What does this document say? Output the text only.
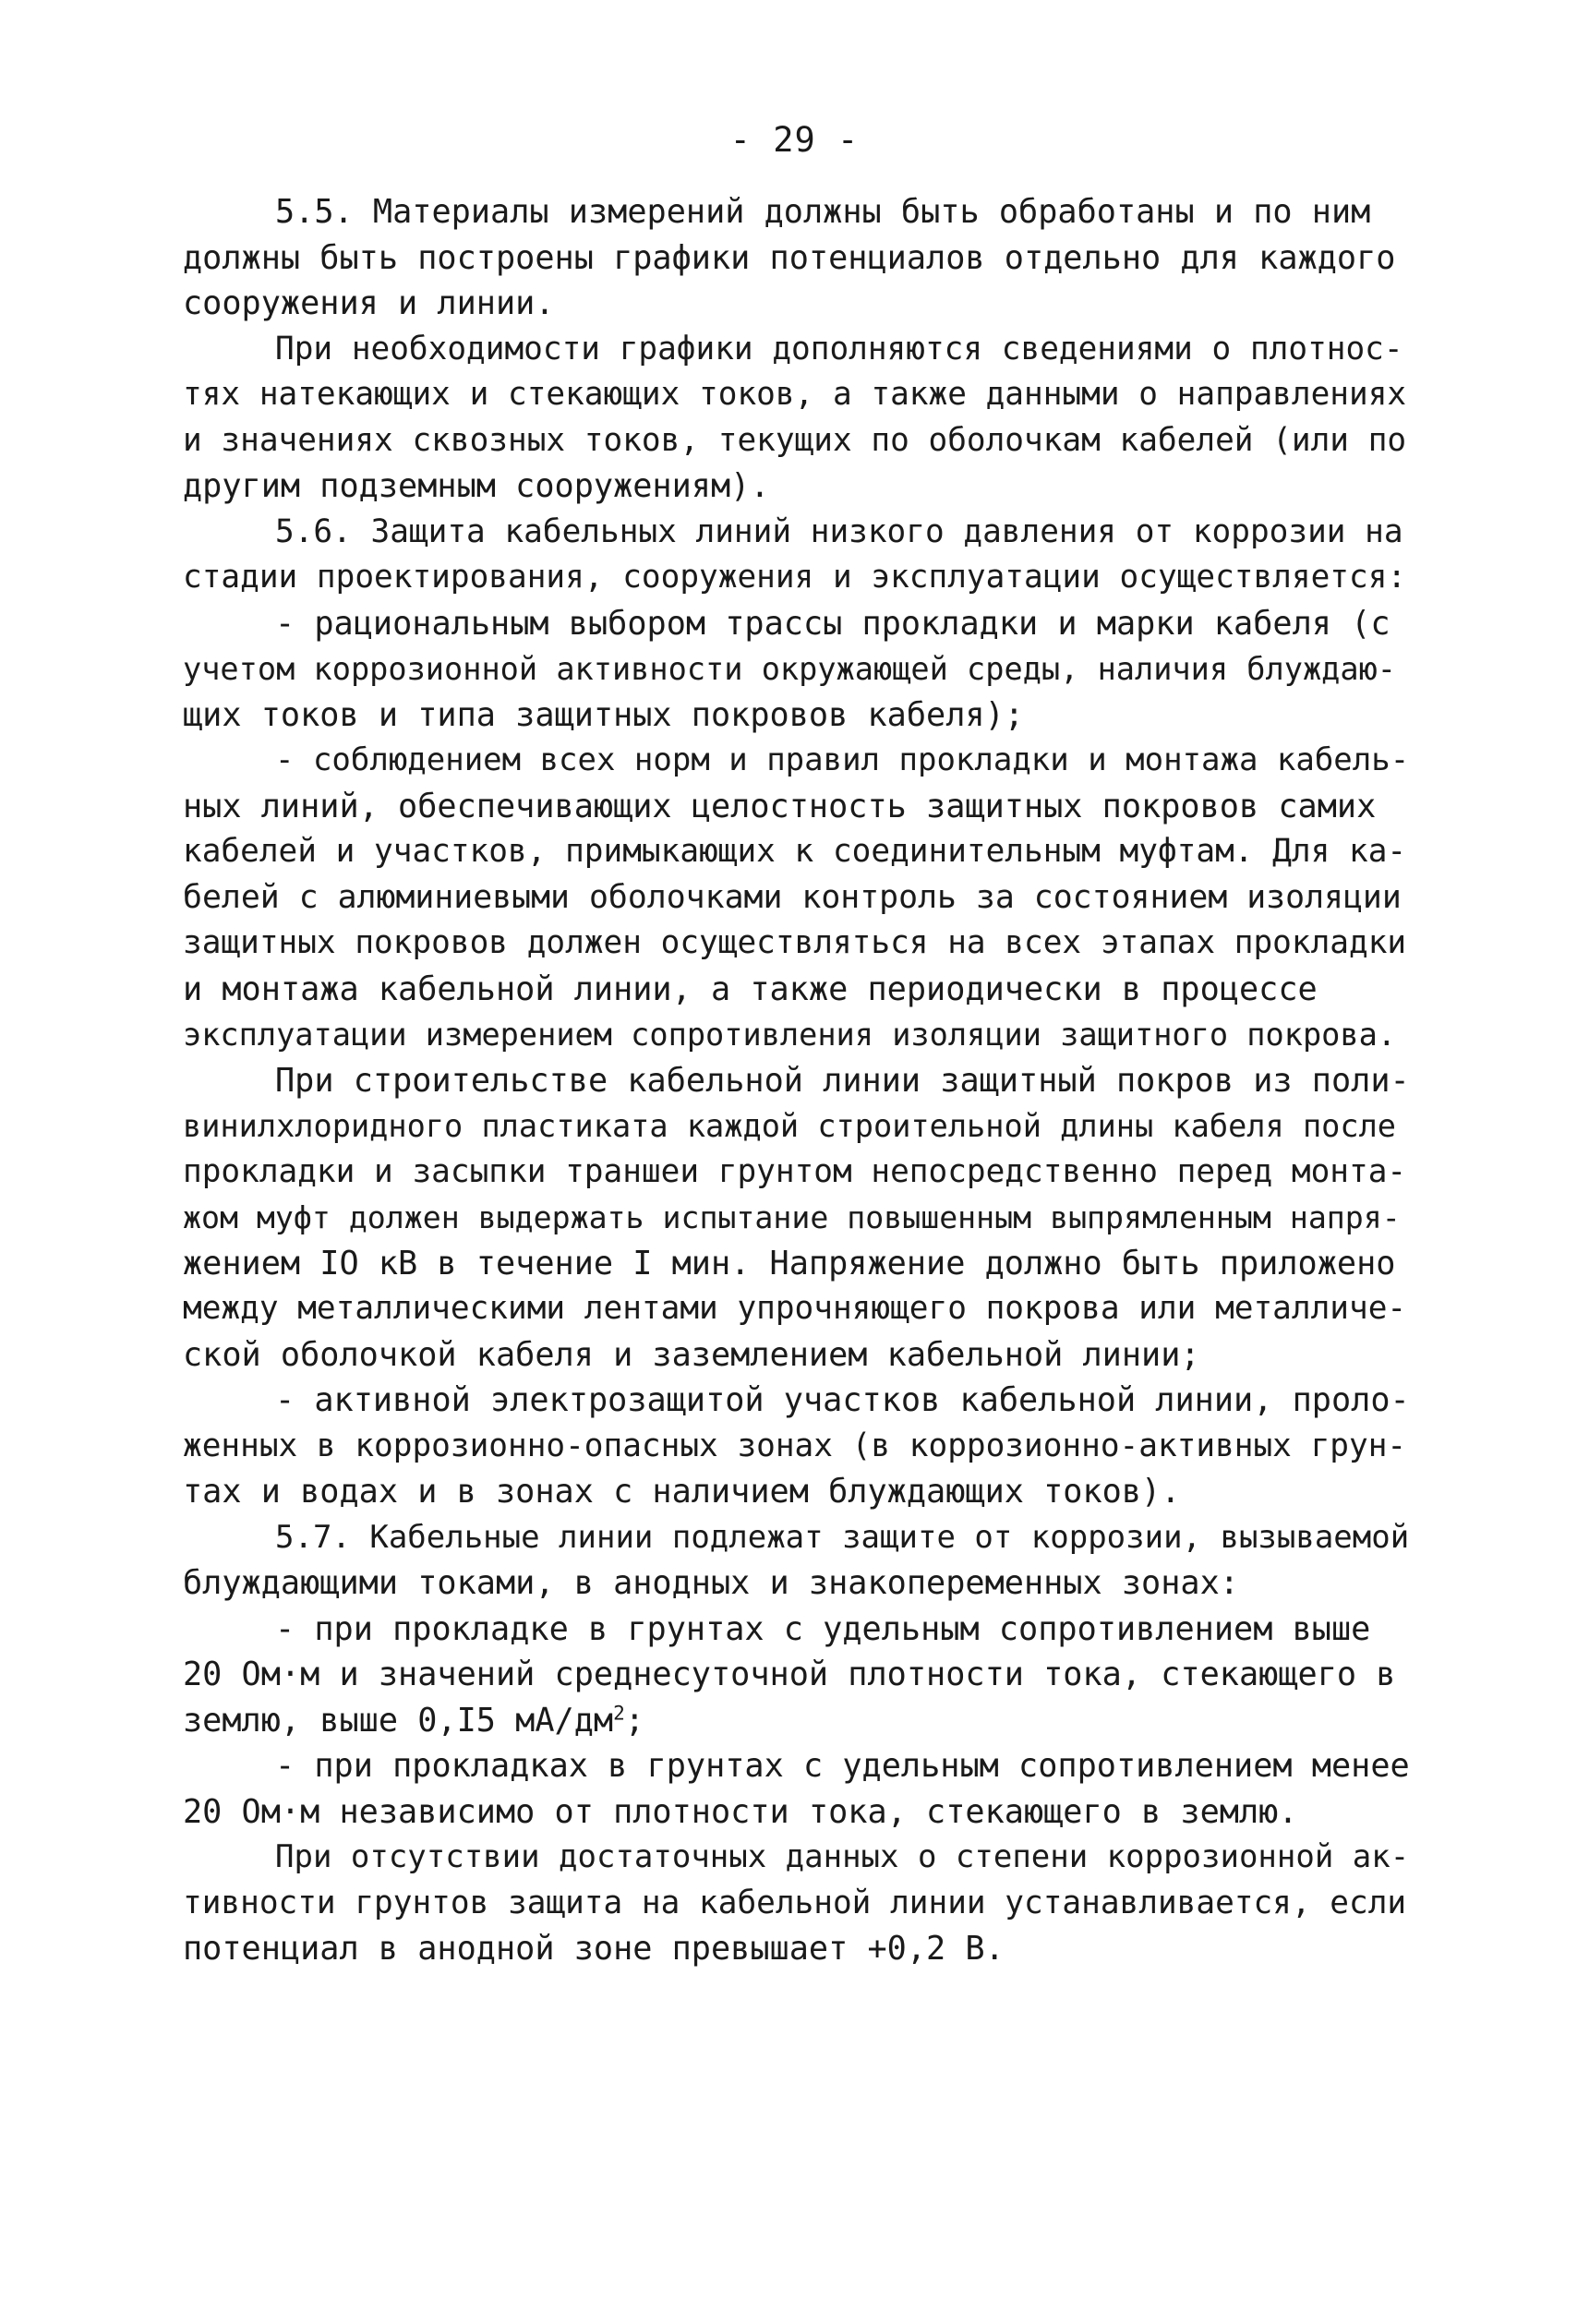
- 29 -
5.5. Материалы измерений должны быть обработаны и по ним
должны быть построены графики потенциалов отдельно для каждого
сооружения и линии.
При необходимости графики дополняются сведениями о плотнос-
тях натекающих и стекающих токов, а также данными о направлениях
и значениях сквозных токов, текущих по оболочкам кабелей (или по
другим подземным сооружениям).
5.6. Защита кабельных линий низкого давления от коррозии на
стадии проектирования, сооружения и эксплуатации осуществляется:
- рациональным выбором трассы прокладки и марки кабеля (с
учетом коррозионной активности окружающей среды, наличия блуждаю-
щих токов и типа защитных покровов кабеля);
- соблюдением всех норм и правил прокладки и монтажа кабель-
ных линий, обеспечивающих целостность защитных покровов самих
кабелей и участков, примыкающих к соединительным муфтам. Для ка-
белей с алюминиевыми оболочками контроль за состоянием изоляции
защитных покровов должен осуществляться на всех этапах прокладки
и монтажа кабельной линии, а также периодически в процессе
эксплуатации измерением сопротивления изоляции защитного покрова.
При строительстве кабельной линии защитный покров из поли-
винилхлоридного пластиката каждой строительной длины кабеля после
прокладки и засыпки траншеи грунтом непосредственно перед монта-
жом муфт должен выдержать испытание повышенным выпрямленным напря-
жением IO кВ в течение I мин. Напряжение должно быть приложено
между металлическими лентами упрочняющего покрова или металличе-
ской оболочкой кабеля и заземлением кабельной линии;
- активной электрозащитой участков кабельной линии, проло-
женных в коррозионно-опасных зонах (в коррозионно-активных грун-
тах и водах и в зонах с наличием блуждающих токов).
5.7. Кабельные линии подлежат защите от коррозии, вызываемой
блуждающими токами, в анодных и знакопеременных зонах:
- при прокладке в грунтах с удельным сопротивлением выше
20 Ом·м и значений среднесуточной плотности тока, стекающего в
землю, выше 0,I5 $мА/дм^2$;
- при прокладках в грунтах с удельным сопротивлением менее
20 Ом·м независимо от плотности тока, стекающего в землю.
При отсутствии достаточных данных о степени коррозионной ак-
тивности грунтов защита на кабельной линии устанавливается, если
потенциал в анодной зоне превышает +0,2 В.
